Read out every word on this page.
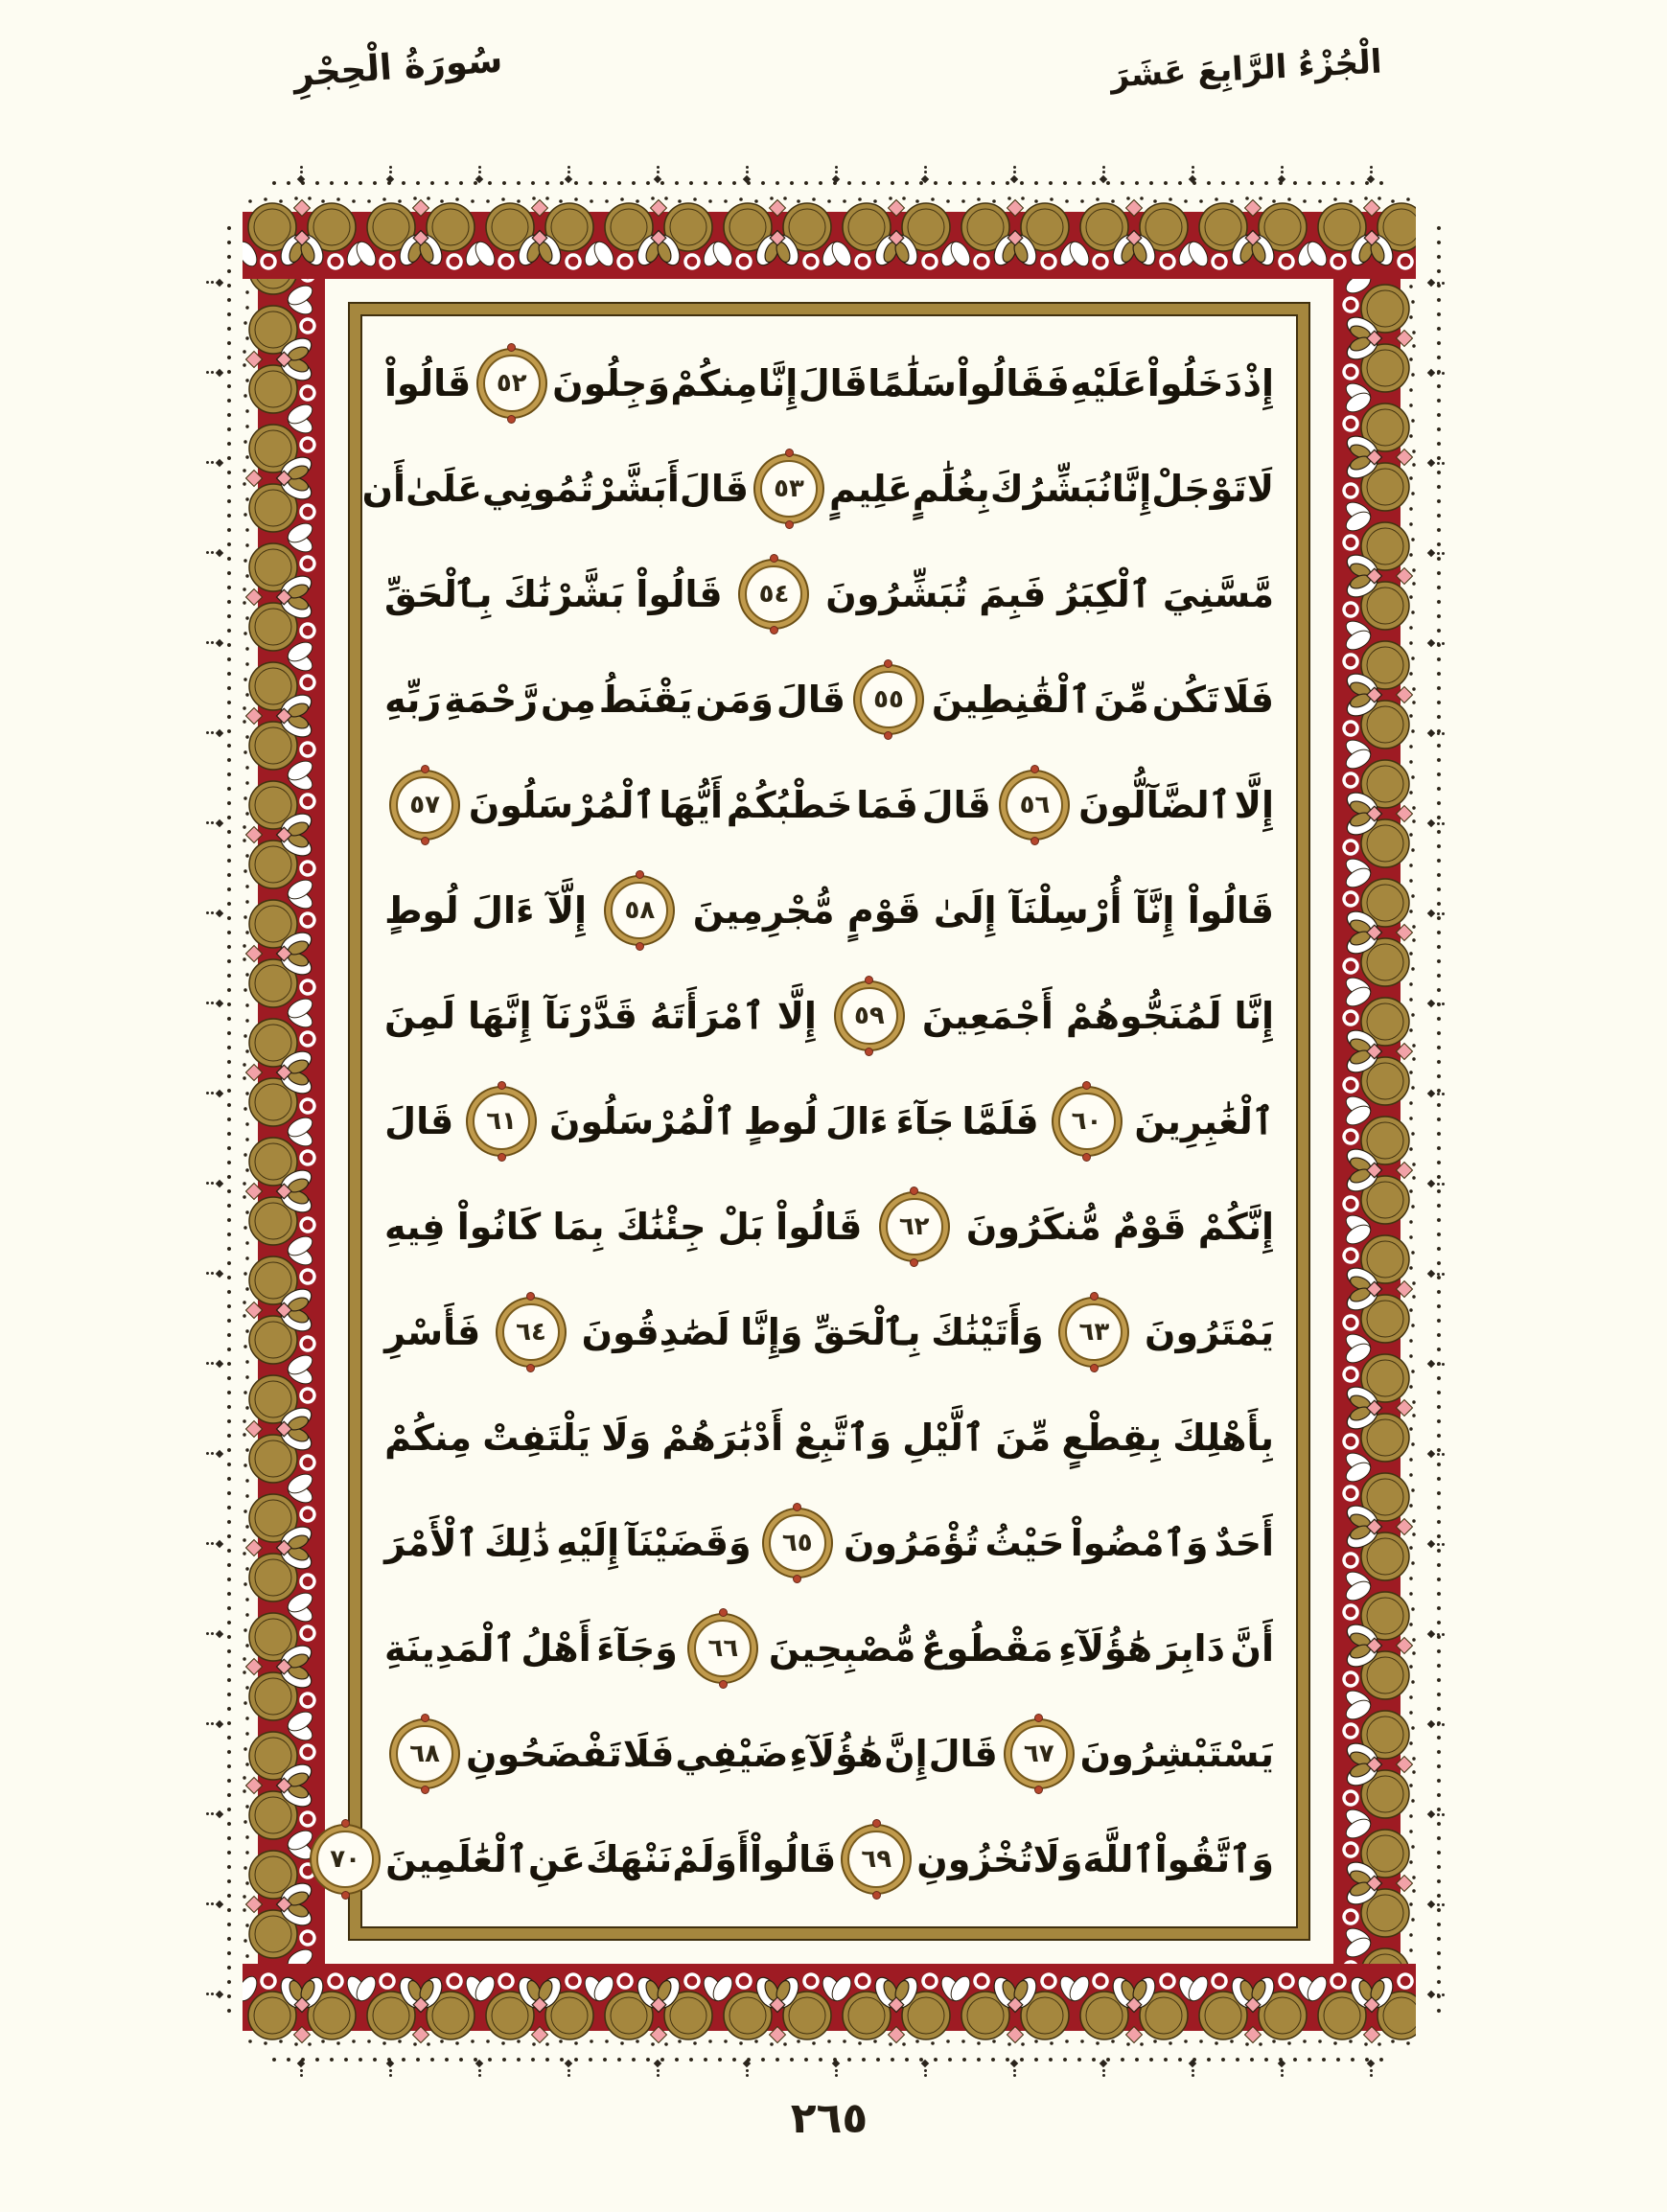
سُورَةُ الْحِجْرِ	الْجُزْءُ الرَّابِعَ عَشَرَ
إِذْ
دَخَلُواْ
عَلَيْهِ
فَقَالُواْ
سَلَٰمًا
قَالَ
إِنَّا
مِنكُمْ
وَجِلُونَ
٥٢
قَالُواْ
لَا
تَوْجَلْ
إِنَّا
نُبَشِّرُكَ
بِغُلَٰمٍ
عَلِيمٍ
٥٣
قَالَ
أَبَشَّرْتُمُونِي
عَلَىٰ
أَن
مَّسَّنِيَ
ٱلْكِبَرُ
فَبِمَ
تُبَشِّرُونَ
٥٤
قَالُواْ
بَشَّرْنَٰكَ
بِٱلْحَقِّ
فَلَا
تَكُن
مِّنَ
ٱلْقَٰنِطِينَ
٥٥
قَالَ
وَمَن
يَقْنَطُ
مِن
رَّحْمَةِ
رَبِّهِ
إِلَّا
ٱلضَّآلُّونَ
٥٦
قَالَ
فَمَا
خَطْبُكُمْ
أَيُّهَا
ٱلْمُرْسَلُونَ
٥٧
قَالُواْ
إِنَّآ
أُرْسِلْنَآ
إِلَىٰ
قَوْمٍ
مُّجْرِمِينَ
٥٨
إِلَّآ
ءَالَ
لُوطٍ
إِنَّا
لَمُنَجُّوهُمْ
أَجْمَعِينَ
٥٩
إِلَّا
ٱمْرَأَتَهُ
قَدَّرْنَآ
إِنَّهَا
لَمِنَ
ٱلْغَٰبِرِينَ
٦٠
فَلَمَّا
جَآءَ
ءَالَ
لُوطٍ
ٱلْمُرْسَلُونَ
٦١
قَالَ
إِنَّكُمْ
قَوْمٌ
مُّنكَرُونَ
٦٢
قَالُواْ
بَلْ
جِئْنَٰكَ
بِمَا
كَانُواْ
فِيهِ
يَمْتَرُونَ
٦٣
وَأَتَيْنَٰكَ
بِٱلْحَقِّ
وَإِنَّا
لَصَٰدِقُونَ
٦٤
فَأَسْرِ
بِأَهْلِكَ
بِقِطْعٍ
مِّنَ
ٱلَّيْلِ
وَٱتَّبِعْ
أَدْبَٰرَهُمْ
وَلَا
يَلْتَفِتْ
مِنكُمْ
أَحَدٌ
وَٱمْضُواْ
حَيْثُ
تُؤْمَرُونَ
٦٥
وَقَضَيْنَآ
إِلَيْهِ
ذَٰلِكَ
ٱلْأَمْرَ
أَنَّ
دَابِرَ
هَٰؤُلَآءِ
مَقْطُوعٌ
مُّصْبِحِينَ
٦٦
وَجَآءَ
أَهْلُ
ٱلْمَدِينَةِ
يَسْتَبْشِرُونَ
٦٧
قَالَ
إِنَّ
هَٰؤُلَآءِ
ضَيْفِي
فَلَا
تَفْضَحُونِ
٦٨
وَٱتَّقُواْ
ٱللَّهَ
وَلَا
تُخْزُونِ
٦٩
قَالُواْ
أَوَلَمْ
نَنْهَكَ
عَنِ
ٱلْعَٰلَمِينَ
٧٠
٢٦٥
